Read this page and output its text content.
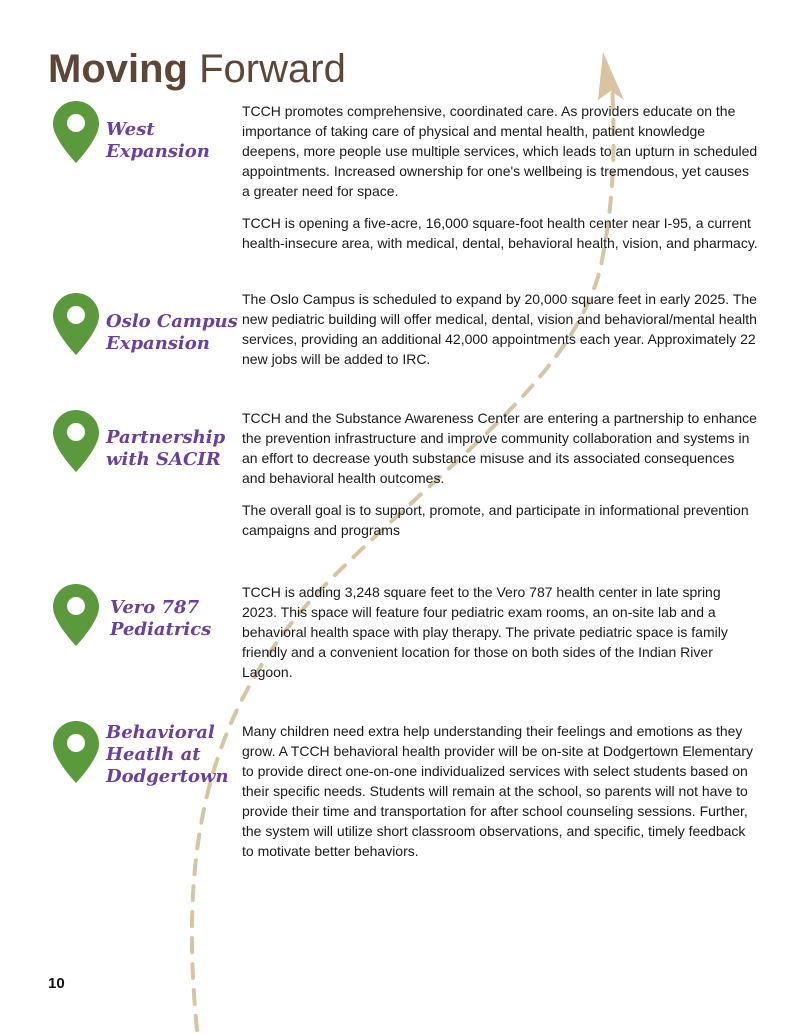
Moving Forward
West
Expansion

TCCH promotes comprehensive, coordinated care. As providers educate on the importance of taking care of physical and mental health, patient knowledge deepens, more people use multiple services, which leads to an upturn in scheduled appointments. Increased ownership for one's wellbeing is tremendous, yet causes a greater need for space.

TCCH is opening a five-acre, 16,000 square-foot health center near I-95, a current health-insecure area, with medical, dental, behavioral health, vision, and pharmacy.

Oslo Campus
Expansion

The Oslo Campus is scheduled to expand by 20,000 square feet in early 2025. The new pediatric building will offer medical, dental, vision and behavioral/mental health services, providing an additional 42,000 appointments each year. Approximately 22 new jobs will be added to IRC.

Partnership
with SACIR

TCCH and the Substance Awareness Center are entering a partnership to enhance the prevention infrastructure and improve community collaboration and systems in an effort to decrease youth substance misuse and its associated consequences and behavioral health outcomes.

The overall goal is to support, promote, and participate in informational prevention campaigns and programs

Vero 787
Pediatrics

TCCH is adding 3,248 square feet to the Vero 787 health center in late spring 2023. This space will feature four pediatric exam rooms, an on-site lab and a behavioral health space with play therapy. The private pediatric space is family friendly and a convenient location for those on both sides of the Indian River Lagoon.

Behavioral
Heatlh at
Dodgertown

Many children need extra help understanding their feelings and emotions as they grow. A TCCH behavioral health provider will be on-site at Dodgertown Elementary to provide direct one-on-one individualized services with select students based on their specific needs. Students will remain at the school, so parents will not have to provide their time and transportation for after school counseling sessions. Further, the system will utilize short classroom observations, and specific, timely feedback to motivate better behaviors.

10
